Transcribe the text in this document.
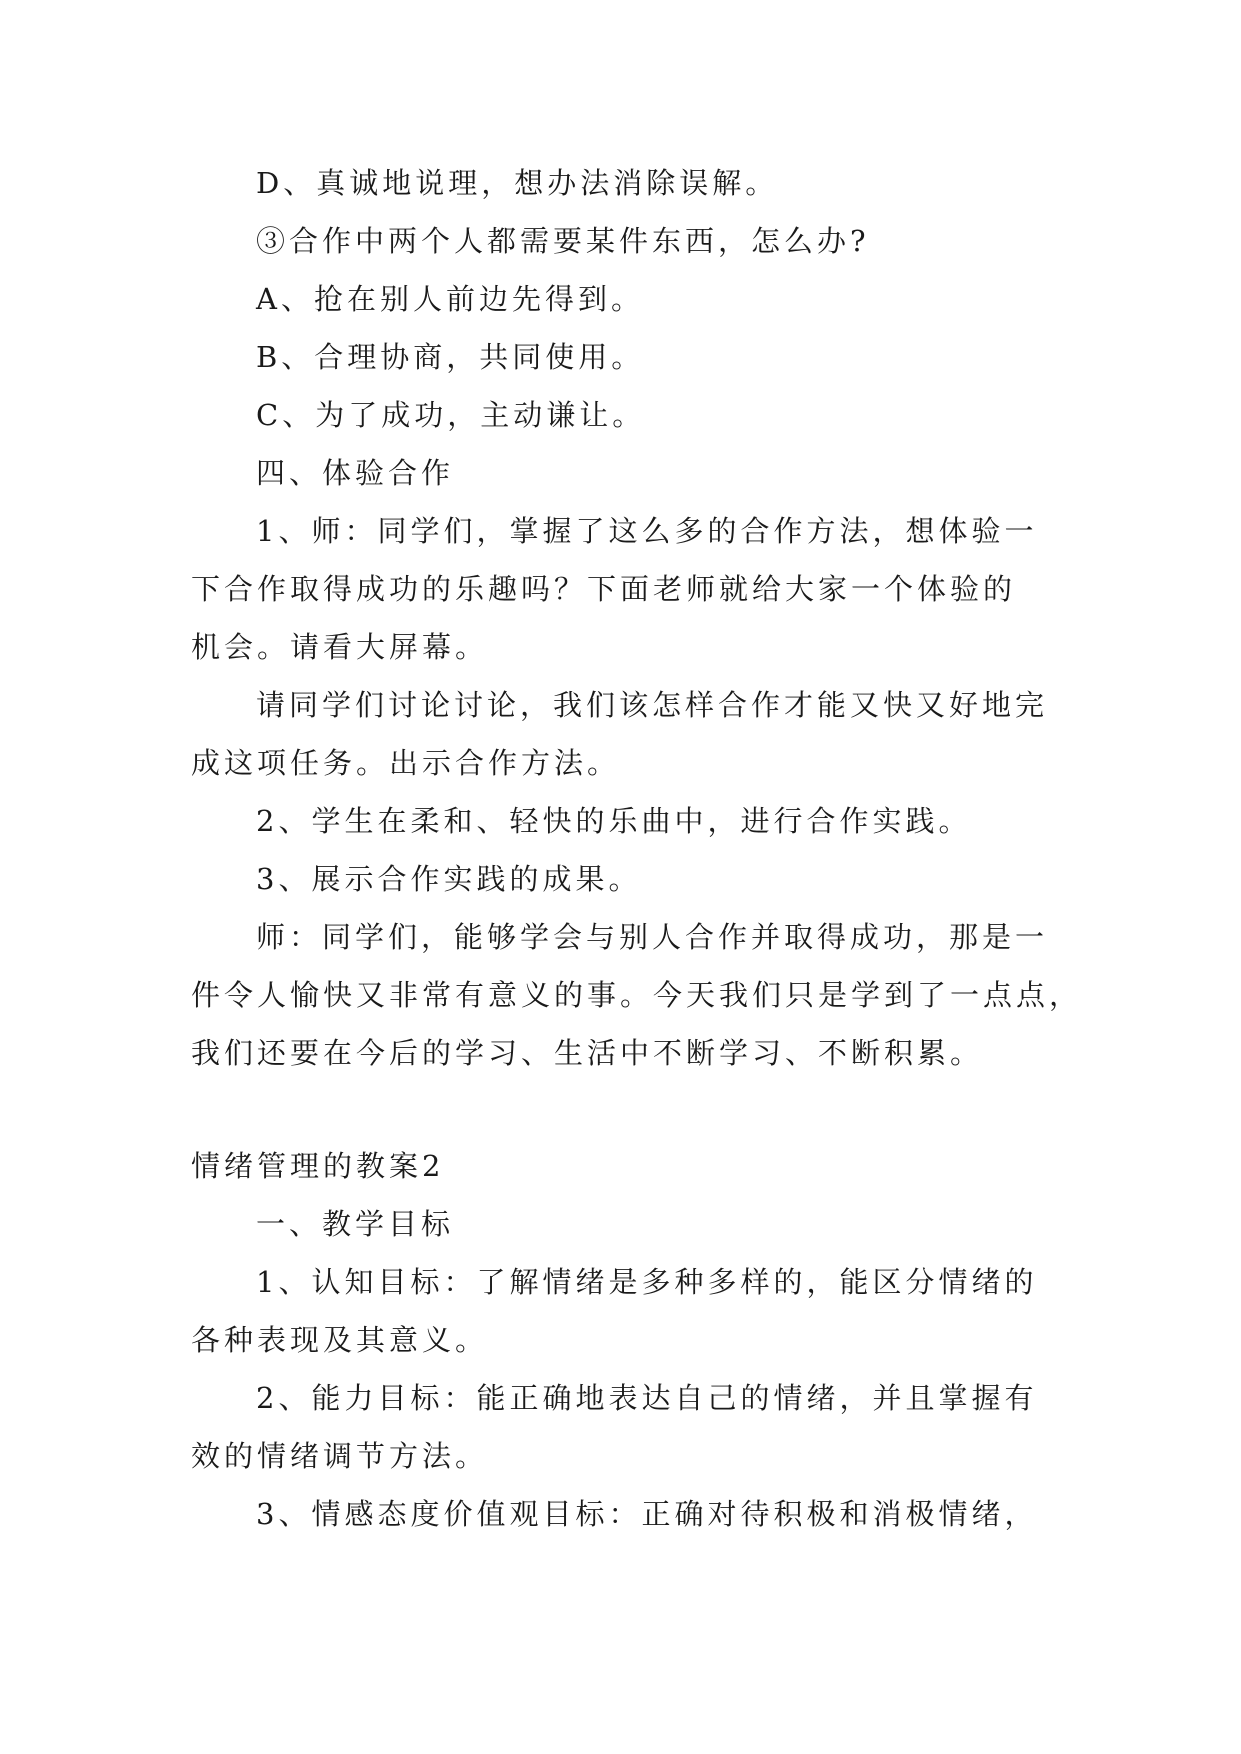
D、真诚地说理，想办法消除误解。
③合作中两个人都需要某件东西，怎么办?
A、抢在别人前边先得到。
B、合理协商，共同使用。
C、为了成功，主动谦让。
四、体验合作
1、师：同学们，掌握了这么多的合作方法，想体验一
下合作取得成功的乐趣吗？下面老师就给大家一个体验的
机会。请看大屏幕。
请同学们讨论讨论，我们该怎样合作才能又快又好地完
成这项任务。出示合作方法。
2、学生在柔和、轻快的乐曲中，进行合作实践。
3、展示合作实践的成果。
师：同学们，能够学会与别人合作并取得成功，那是一
件令人愉快又非常有意义的事。今天我们只是学到了一点点，
我们还要在今后的学习、生活中不断学习、不断积累。
情绪管理的教案2
一、教学目标
1、认知目标：了解情绪是多种多样的，能区分情绪的
各种表现及其意义。
2、能力目标：能正确地表达自己的情绪，并且掌握有
效的情绪调节方法。
3、情感态度价值观目标：正确对待积极和消极情绪，
